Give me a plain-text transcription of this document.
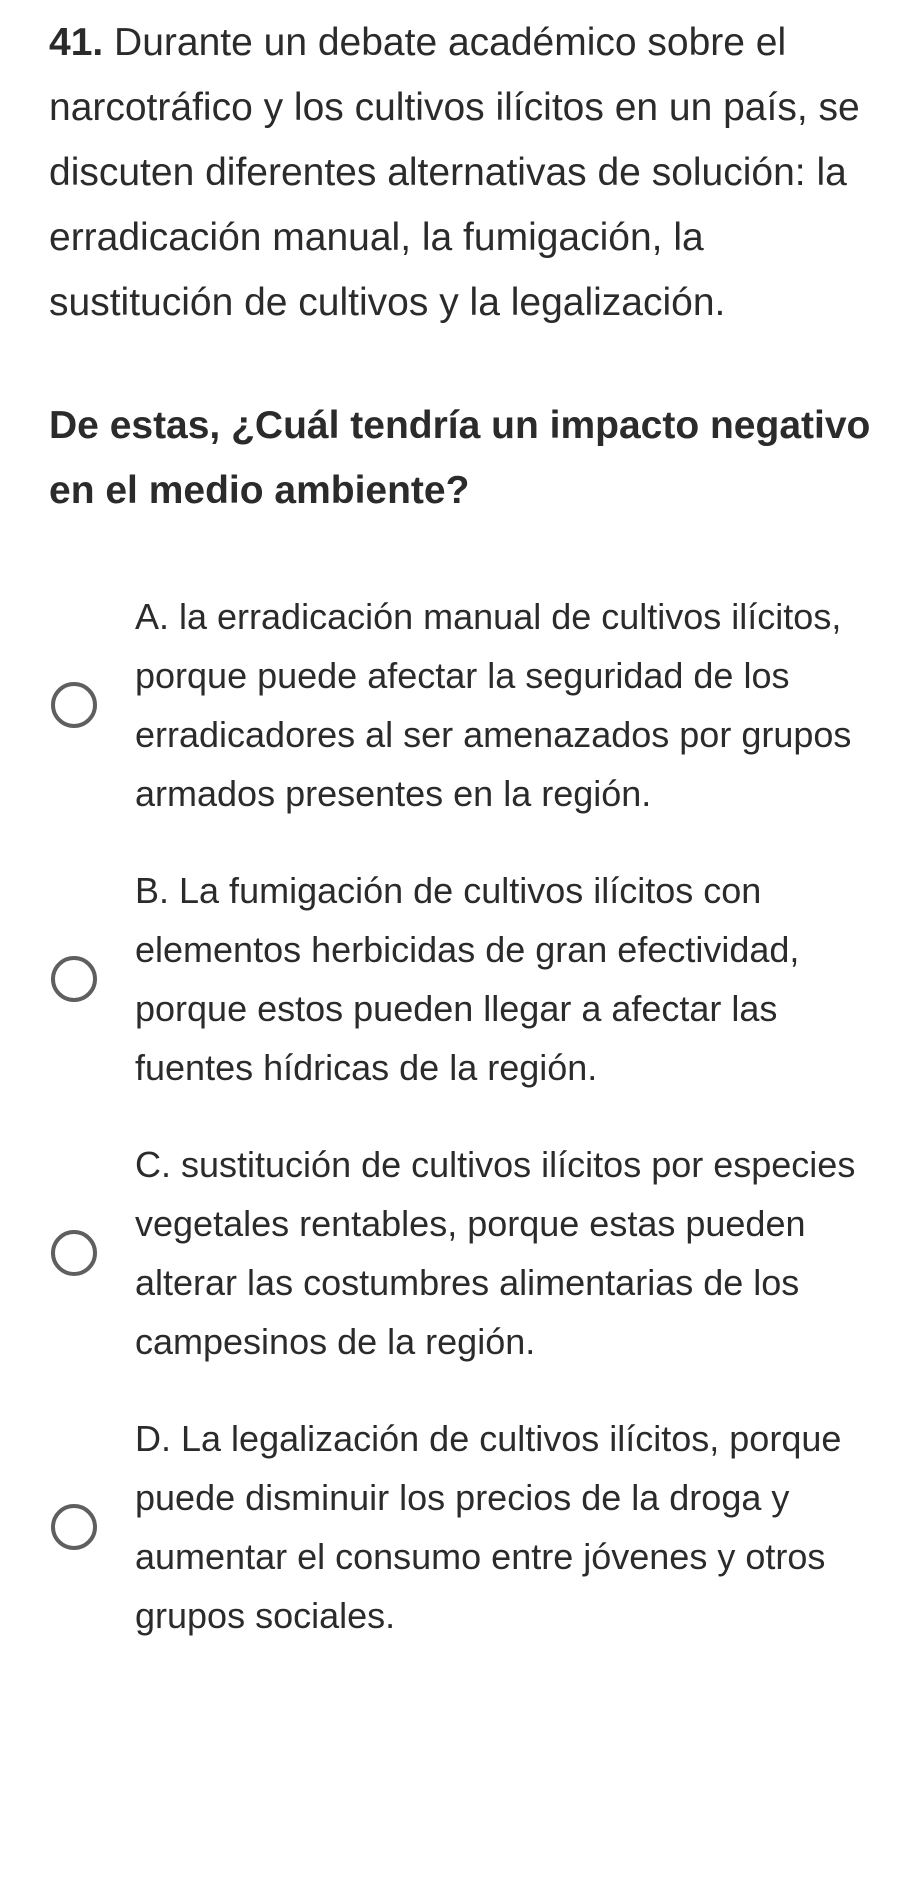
41. Durante un debate académico sobre el narcotráfico y los cultivos ilícitos en un país, se discuten diferentes alternativas de solución: la erradicación manual, la fumigación, la sustitución de cultivos y la legalización.

De estas, ¿Cuál tendría un impacto negativo en el medio ambiente?

A. la erradicación manual de cultivos ilícitos, porque puede afectar la seguridad de los erradicadores al ser amenazados por grupos armados presentes en la región.
B. La fumigación de cultivos ilícitos con elementos herbicidas de gran efectividad, porque estos pueden llegar a afectar las fuentes hídricas de la región.
C. sustitución de cultivos ilícitos por especies vegetales rentables, porque estas pueden alterar las costumbres alimentarias de los campesinos de la región.
D. La legalización de cultivos ilícitos, porque puede disminuir los precios de la droga y aumentar el consumo entre jóvenes y otros grupos sociales.
